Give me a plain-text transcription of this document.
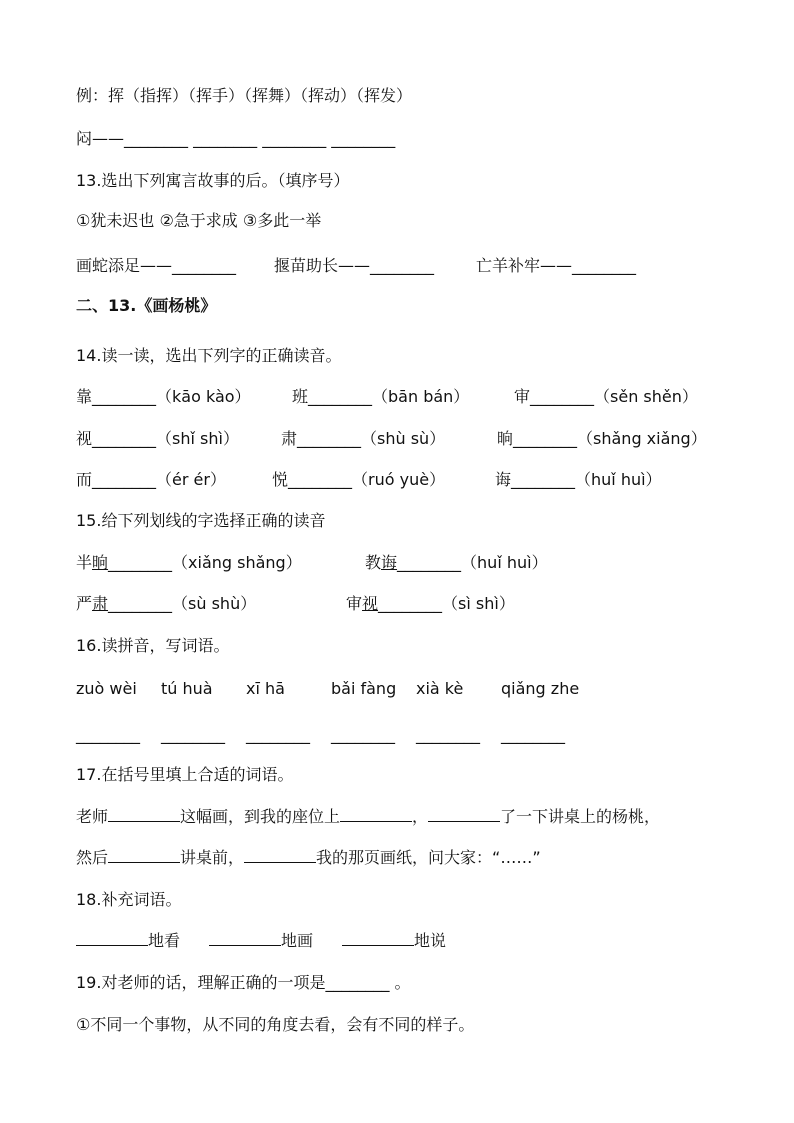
例：挥（指挥）（挥手）（挥舞）（挥动）（挥发）
闷——________ ________ ________ ________
13.选出下列寓言故事的后。（填序号）
①犹未迟也 ②急于求成 ③多此一举
画蛇添足——________ 揠苗助长——________	亡羊补牢——________
二、13.《画杨桃》
14.读一读，选出下列字的正确读音。
靠________（kāo kào）	班________（bān bán）	审________（sěn shěn）
视________（shǐ shì）	肃________（shù sù）	晌________（shǎng xiǎng）
而________（ér ér）	悦________（ruó yuè）	诲________（huǐ huì）
15.给下列划线的字选择正确的读音
半晌________（xiǎng shǎng）	教诲________（huǐ huì）
严肃________（sù shù）	审视________（sì shì）
16.读拼音，写词语。
zuò wèi tú huà xī hā	bǎi fàng xià kè qiǎng zhe
________ ________ ________ ________ ________ ________
17.在括号里填上合适的词语。
老师	这幅画，到我的座位上	，	了一下讲桌上的杨桃，
然后	讲桌前，	我的那页画纸，问大家：“……”
18.补充词语。
地看	地画	地说
19.对老师的话，理解正确的一项是________ 。
①不同一个事物，从不同的角度去看，会有不同的样子。
